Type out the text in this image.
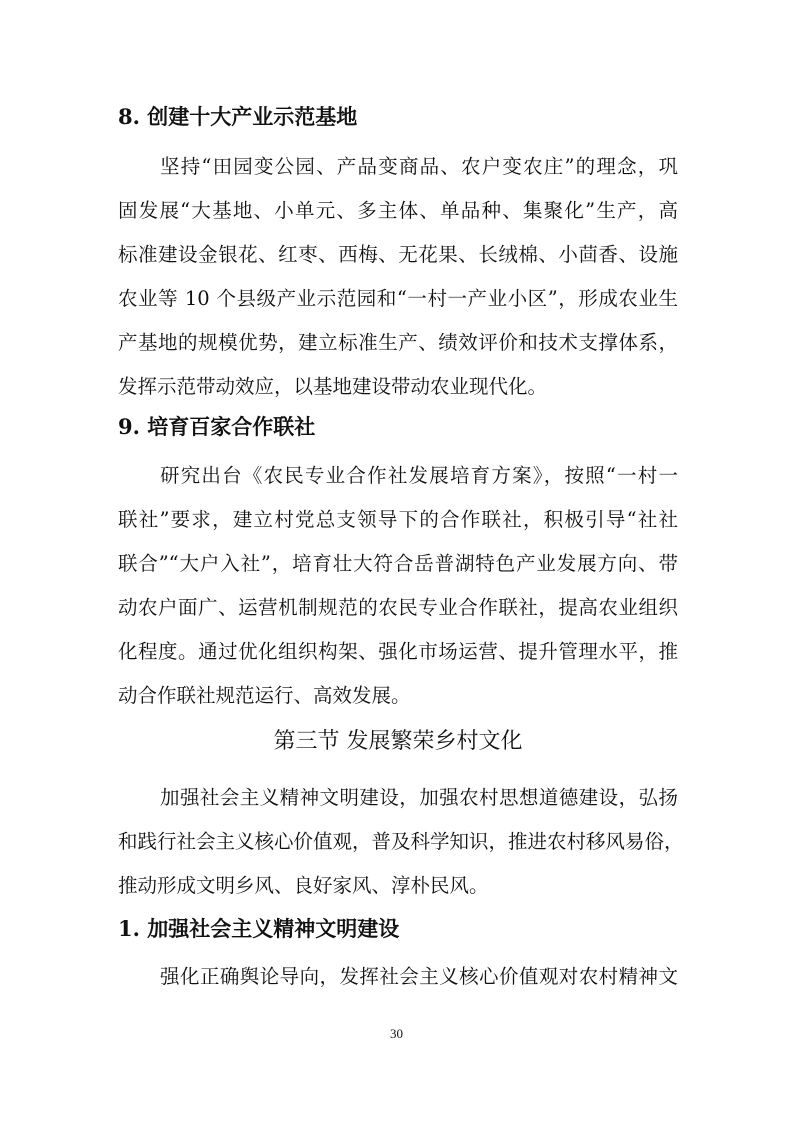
8. 创建十大产业示范基地
坚持“田园变公园、产品变商品、农户变农庄”的理念，巩
固发展“大基地、小单元、多主体、单品种、集聚化”生产，高
标准建设金银花、红枣、西梅、无花果、长绒棉、小茴香、设施
农业等 10 个县级产业示范园和“一村一产业小区”，形成农业生
产基地的规模优势，建立标准生产、绩效评价和技术支撑体系，
发挥示范带动效应，以基地建设带动农业现代化。
9. 培育百家合作联社
研究出台《农民专业合作社发展培育方案》，按照“一村一
联社”要求，建立村党总支领导下的合作联社，积极引导“社社
联合”“大户入社”，培育壮大符合岳普湖特色产业发展方向、带
动农户面广、运营机制规范的农民专业合作联社，提高农业组织
化程度。通过优化组织构架、强化市场运营、提升管理水平，推
动合作联社规范运行、高效发展。
第三节 发展繁荣乡村文化
加强社会主义精神文明建设，加强农村思想道德建设，弘扬
和践行社会主义核心价值观，普及科学知识，推进农村移风易俗，
推动形成文明乡风、良好家风、淳朴民风。
1. 加强社会主义精神文明建设
强化正确舆论导向，发挥社会主义核心价值观对农村精神文
30
